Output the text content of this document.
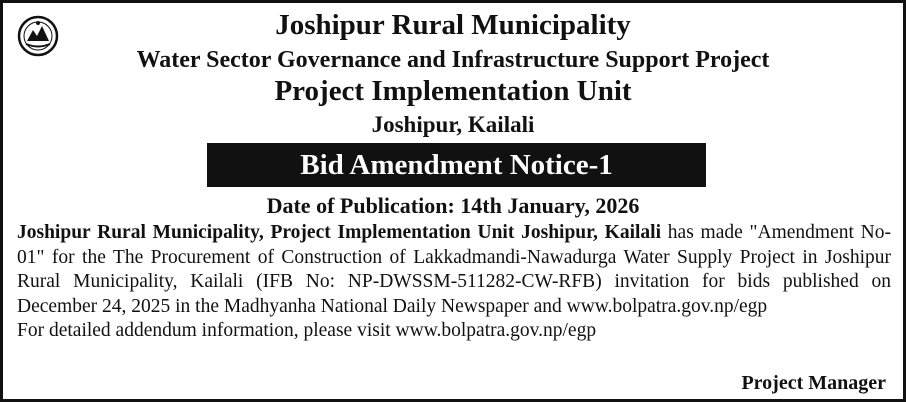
Joshipur Rural Municipality
Water Sector Governance and Infrastructure Support Project
Project Implementation Unit
Joshipur, Kailali
Bid Amendment Notice-1
Date of Publication: 14th January, 2026
Joshipur Rural Municipality, Project Implementation Unit Joshipur, Kailali has made "Amendment No-01" for the The Procurement of Construction of Lakkadmandi-Nawadurga Water Supply Project in Joshipur Rural Municipality, Kailali (IFB No: NP-DWSSM-511282-CW-RFB) invitation for bids published on December 24, 2025 in the Madhyanha National Daily Newspaper and www.bolpatra.gov.np/egp

For detailed addendum information, please visit www.bolpatra.gov.np/egp

Project Manager
